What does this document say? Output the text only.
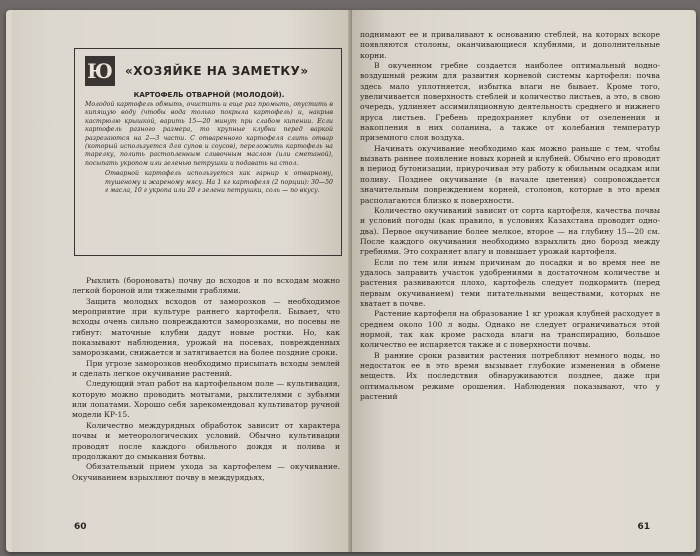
Ю «ХОЗЯЙКЕ НА ЗАМЕТКУ»
КАРТОФЕЛЬ ОТВАРНОЙ (МОЛОДОЙ).
Молодой картофель обмыть, очистить и еще раз промыть, опустить в кипящую воду (чтобы вода только покрыла картофель) и, накрыв кастрюлю крышкой, варить 15—20 минут при слабом кипении. Если картофель разного размера, то крупные клубни перед варкой разрезаются на 2—3 части. С отваренного картофеля слить отвар (который используется для супов и соусов), переложить картофель на тарелку, полить растопленным сливочным маслом (или сметаной), посыпать укропом или зеленью петрушки и подавать на стол.
Отварной картофель используется как гарнир к отварному, тушеному и жареному мясу. На 1 кг картофеля (2 порции): 30—50 г масла, 10 г укропа или 20 г зелени петрушки, соль — по вкусу.

Рыхлить (бороновать) почву до всходов и по всходам можно легкой бороной или тяжелыми граблями.

Защита молодых всходов от заморозков — необходимое мероприятие при культуре раннего картофеля. Бывает, что всходы очень сильно повреждаются заморозками, но посевы не гибнут: маточные клубни дадут новые ростки. Но, как показывают наблюдения, урожай на посевах, поврежденных заморозками, снижается и затягивается на более поздние сроки.

При угрозе заморозков необходимо присыпать всходы землей и сделать легкое окучивание растений.

Следующий этап работ на картофельном поле — культивация, которую можно проводить мотыгами, рыхлителями с зубьями или лопатами. Хорошо себя зарекомендовал культиватор ручной модели КР-15.

Количество междурядных обработок зависит от характера почвы и метеорологических условий. Обычно культивации проводят после каждого обильного дождя и полива и продолжают до смыкания ботвы.

Обязательный прием ухода за картофелем — окучивание. Окучиванием взрыхляют почву в междурядьях,

60

поднимают ее и приваливают к основанию стеблей, на которых вскоре появляются столоны, оканчивающиеся клубнями, и дополнительные корни.

В окученном гребне создается наиболее оптимальный водно-воздушный режим для развития корневой системы картофеля: почва здесь мало уплотняется, избытка влаги не бывает. Кроме того, увеличивается поверхность стеблей и количество листьев, а это, в свою очередь, удлиняет ассимиляционную деятельность среднего и нижнего яруса листьев. Гребень предохраняет клубни от озеленения и накопления в них соланина, а также от колебания температур приземного слоя воздуха.

Начинать окучивание необходимо как можно раньше с тем, чтобы вызвать раннее появление новых корней и клубней. Обычно его проводят в период бутонизации, приурочивая эту работу к обильным осадкам или поливу. Позднее окучивание (в начале цветения) сопровождается значительным повреждением корней, столонов, которые в это время располагаются близко к поверхности.

Количество окучиваний зависит от сорта картофеля, качества почвы и условий погоды (как правило, в условиях Казахстана проводят одно-два). Первое окучивание более мелкое, второе — на глубину 15—20 см. После каждого окучивания необходимо взрыхлить дно борозд между гребнями. Это сохраняет влагу и повышает урожай картофеля.

Если по тем или иным причинам до посадки и во время нее не удалось заправить участок удобрениями в достаточном количестве и растения развиваются плохо, картофель следует подкормить (перед первым окучиванием) теми питательными веществами, которых не хватает в почве.

Растение картофеля на образование 1 кг урожая клубней расходует в среднем около 100 л воды. Однако не следует ограничиваться этой нормой, так как кроме расхода влаги на транспирацию, большое количество ее испаряется также и с поверхности почвы.

В ранние сроки развития растения потребляют немного воды, но недостаток ее в это время вызывает глубокие изменения в обмене веществ. Их последствия обнаруживаются позднее, даже при оптимальном режиме орошения. Наблюдения показывают, что у растений

61
